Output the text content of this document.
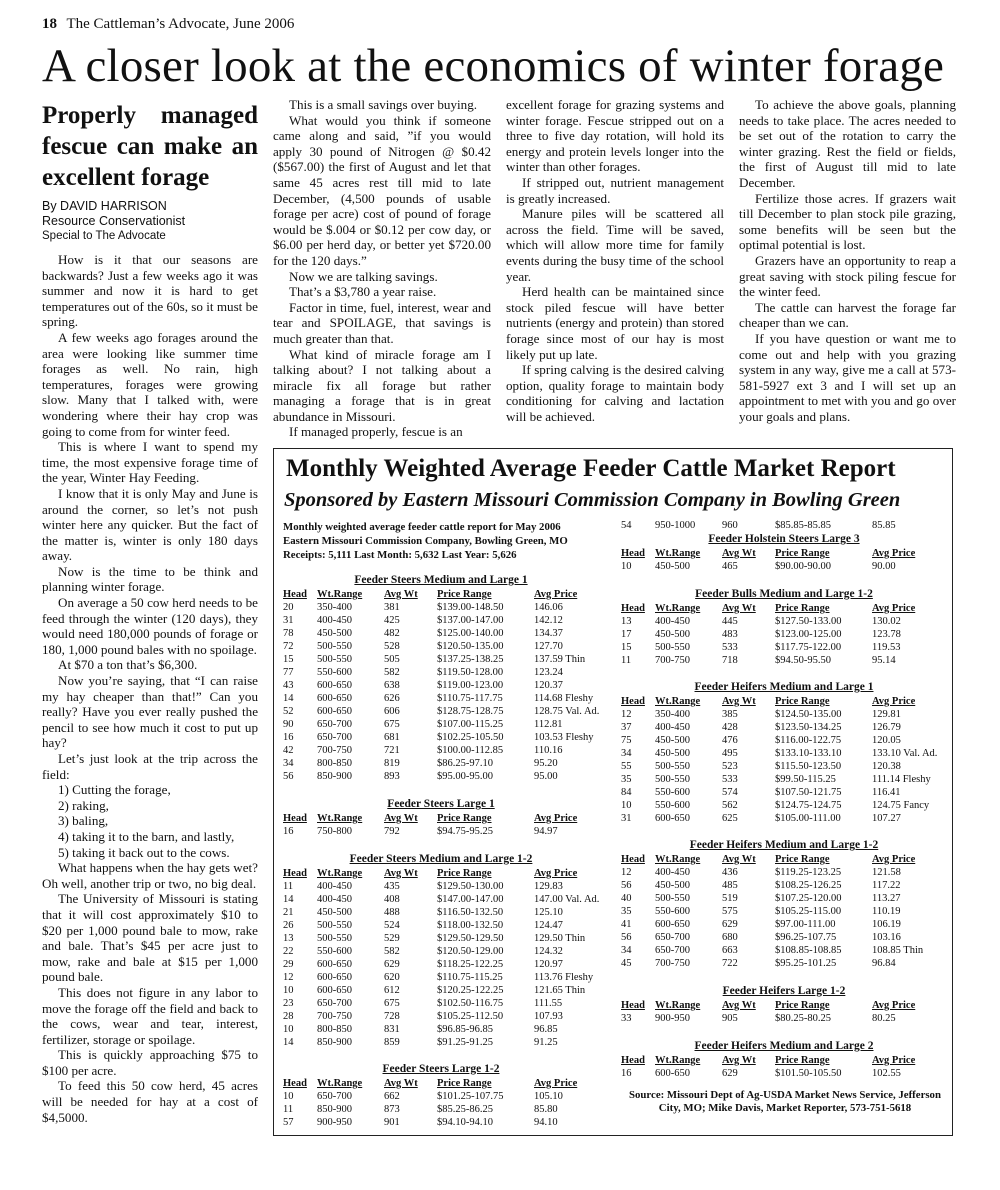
18 The Cattleman’s Advocate, June 2006
A closer look at the economics of winter forage
Properly managed fescue can make an excellent forage
By DAVID HARRISON
Resource Conservationist
Special to The Advocate

How is it that our seasons are backwards? Just a few weeks ago it was summer and now it is hard to get temperatures out of the 60s, so it must be spring.

A few weeks ago forages around the area were looking like summer time forages as well. No rain, high temperatures, forages were growing slow. Many that I talked with, were wondering where their hay crop was going to come from for winter feed.

This is where I want to spend my time, the most expensive forage time of the year, Winter Hay Feeding.

I know that it is only May and June is around the corner, so let’s not push winter here any quicker. But the fact of the matter is, winter is only 180 days away.

Now is the time to be think and planning winter forage.

On average a 50 cow herd needs to be feed through the winter (120 days), they would need 180,000 pounds of forage or 180, 1,000 pound bales with no spoilage.

At $70 a ton that’s $6,300.

Now you’re saying, that “I can raise my hay cheaper than that!” Can you really? Have you ever really pushed the pencil to see how much it cost to put up hay?

Let’s just look at the trip across the field:

1) Cutting the forage,

2) raking,

3) baling,

4) taking it to the barn, and lastly,

5) taking it back out to the cows.

What happens when the hay gets wet? Oh well, another trip or two, no big deal.

The University of Missouri is stating that it will cost approximately $10 to $20 per 1,000 pound bale to mow, rake and bale. That’s $45 per acre just to mow, rake and bale at $15 per 1,000 pound bale.

This does not figure in any labor to move the forage off the field and back to the cows, wear and tear, interest, fertilizer, storage or spoilage.

This is quickly approaching $75 to $100 per acre.

To feed this 50 cow herd, 45 acres will be needed for hay at a cost of $4,5000.

This is a small savings over buying.

What would you think if someone came along and said, ”if you would apply 30 pound of Nitrogen @ $0.42 ($567.00) the first of August and let that same 45 acres rest till mid to late December, (4,500 pounds of usable forage per acre) cost of pound of forage would be $.004 or $0.12 per cow day, or $6.00 per herd day, or better yet $720.00 for the 120 days.”

Now we are talking savings.

That’s a $3,780 a year raise.

Factor in time, fuel, interest, wear and tear and SPOILAGE, that savings is much greater than that.

What kind of miracle forage am I talking about? I not talking about a miracle fix all forage but rather managing a forage that is in great abundance in Missouri.

If managed properly, fescue is an

excellent forage for grazing systems and winter forage. Fescue stripped out on a three to five day rotation, will hold its energy and protein levels longer into the winter than other forages.

If stripped out, nutrient management is greatly increased.

Manure piles will be scattered all across the field. Time will be saved, which will allow more time for family events during the busy time of the school year.

Herd health can be maintained since stock piled fescue will have better nutrients (energy and protein) than stored forage since most of our hay is most likely put up late.

If spring calving is the desired calving option, quality forage to maintain body conditioning for calving and lactation will be achieved.

To achieve the above goals, planning needs to take place. The acres needed to be set out of the rotation to carry the winter grazing. Rest the field or fields, the first of August till mid to late December.

Fertilize those acres. If grazers wait till December to plan stock pile grazing, some benefits will be seen but the optimal potential is lost.

Grazers have an opportunity to reap a great saving with stock piling fescue for the winter feed.

The cattle can harvest the forage far cheaper than we can.

If you have question or want me to come out and help with you grazing system in any way, give me a call at 573-581-5927 ext 3 and I will set up an appointment to met with you and go over your goals and plans.

Monthly Weighted Average Feeder Cattle Market Report
Sponsored by Eastern Missouri Commission Company in Bowling Green
Monthly weighted average feeder cattle report for May 2006
Eastern Missouri Commission Company, Bowling Green, MO
Receipts: 5,111 Last Month: 5,632 Last Year: 5,626
Feeder Steers Medium and Large 1
Head	Wt.Range	Avg Wt	Price Range	Avg Price
20	350-400	381	$139.00-148.50	146.06
31	400-450	425	$137.00-147.00	142.12
78	450-500	482	$125.00-140.00	134.37
72	500-550	528	$120.50-135.00	127.70
15	500-550	505	$137.25-138.25	137.59 Thin
77	550-600	582	$119.50-128.00	123.24
43	600-650	638	$119.00-123.00	120.37
14	600-650	626	$110.75-117.75	114.68 Fleshy
52	600-650	606	$128.75-128.75	128.75 Val. Ad.
90	650-700	675	$107.00-115.25	112.81
16	650-700	681	$102.25-105.50	103.53 Fleshy
42	700-750	721	$100.00-112.85	110.16
34	800-850	819	$86.25-97.10	95.20
56	850-900	893	$95.00-95.00	95.00
Feeder Steers Large 1
Head	Wt.Range	Avg Wt	Price Range	Avg Price
16	750-800	792	$94.75-95.25	94.97
Feeder Steers Medium and Large 1-2
Head	Wt.Range	Avg Wt	Price Range	Avg Price
11	400-450	435	$129.50-130.00	129.83
14	400-450	408	$147.00-147.00	147.00 Val. Ad.
21	450-500	488	$116.50-132.50	125.10
26	500-550	524	$118.00-132.50	124.47
13	500-550	529	$129.50-129.50	129.50 Thin
22	550-600	582	$120.50-129.00	124.32
29	600-650	629	$118.25-122.25	120.97
12	600-650	620	$110.75-115.25	113.76 Fleshy
10	600-650	612	$120.25-122.25	121.65 Thin
23	650-700	675	$102.50-116.75	111.55
28	700-750	728	$105.25-112.50	107.93
10	800-850	831	$96.85-96.85	96.85
14	850-900	859	$91.25-91.25	91.25
Feeder Steers Large 1-2
Head	Wt.Range	Avg Wt	Price Range	Avg Price
10	650-700	662	$101.25-107.75	105.10
11	850-900	873	$85.25-86.25	85.80
57	900-950	901	$94.10-94.10	94.10
54	950-1000	960	$85.85-85.85	85.85
Feeder Holstein Steers Large 3
Head	Wt.Range	Avg Wt	Price Range	Avg Price
10	450-500	465	$90.00-90.00	90.00
Feeder Bulls Medium and Large 1-2
Head	Wt.Range	Avg Wt	Price Range	Avg Price
13	400-450	445	$127.50-133.00	130.02
17	450-500	483	$123.00-125.00	123.78
15	500-550	533	$117.75-122.00	119.53
11	700-750	718	$94.50-95.50	95.14
Feeder Heifers Medium and Large 1
Head	Wt.Range	Avg Wt	Price Range	Avg Price
12	350-400	385	$124.50-135.00	129.81
37	400-450	428	$123.50-134.25	126.79
75	450-500	476	$116.00-122.75	120.05
34	450-500	495	$133.10-133.10	133.10 Val. Ad.
55	500-550	523	$115.50-123.50	120.38
35	500-550	533	$99.50-115.25	111.14 Fleshy
84	550-600	574	$107.50-121.75	116.41
10	550-600	562	$124.75-124.75	124.75 Fancy
31	600-650	625	$105.00-111.00	107.27
Feeder Heifers Medium and Large 1-2
Head	Wt.Range	Avg Wt	Price Range	Avg Price
12	400-450	436	$119.25-123.25	121.58
56	450-500	485	$108.25-126.25	117.22
40	500-550	519	$107.25-120.00	113.27
35	550-600	575	$105.25-115.00	110.19
41	600-650	629	$97.00-111.00	106.19
56	650-700	680	$96.25-107.75	103.16
34	650-700	663	$108.85-108.85	108.85 Thin
45	700-750	722	$95.25-101.25	96.84
Feeder Heifers Large 1-2
Head	Wt.Range	Avg Wt	Price Range	Avg Price
33	900-950	905	$80.25-80.25	80.25
Feeder Heifers Medium and Large 2
Head	Wt.Range	Avg Wt	Price Range	Avg Price
16	600-650	629	$101.50-105.50	102.55
Source: Missouri Dept of Ag-USDA Market News Service, Jefferson City, MO; Mike Davis, Market Reporter, 573-751-5618
